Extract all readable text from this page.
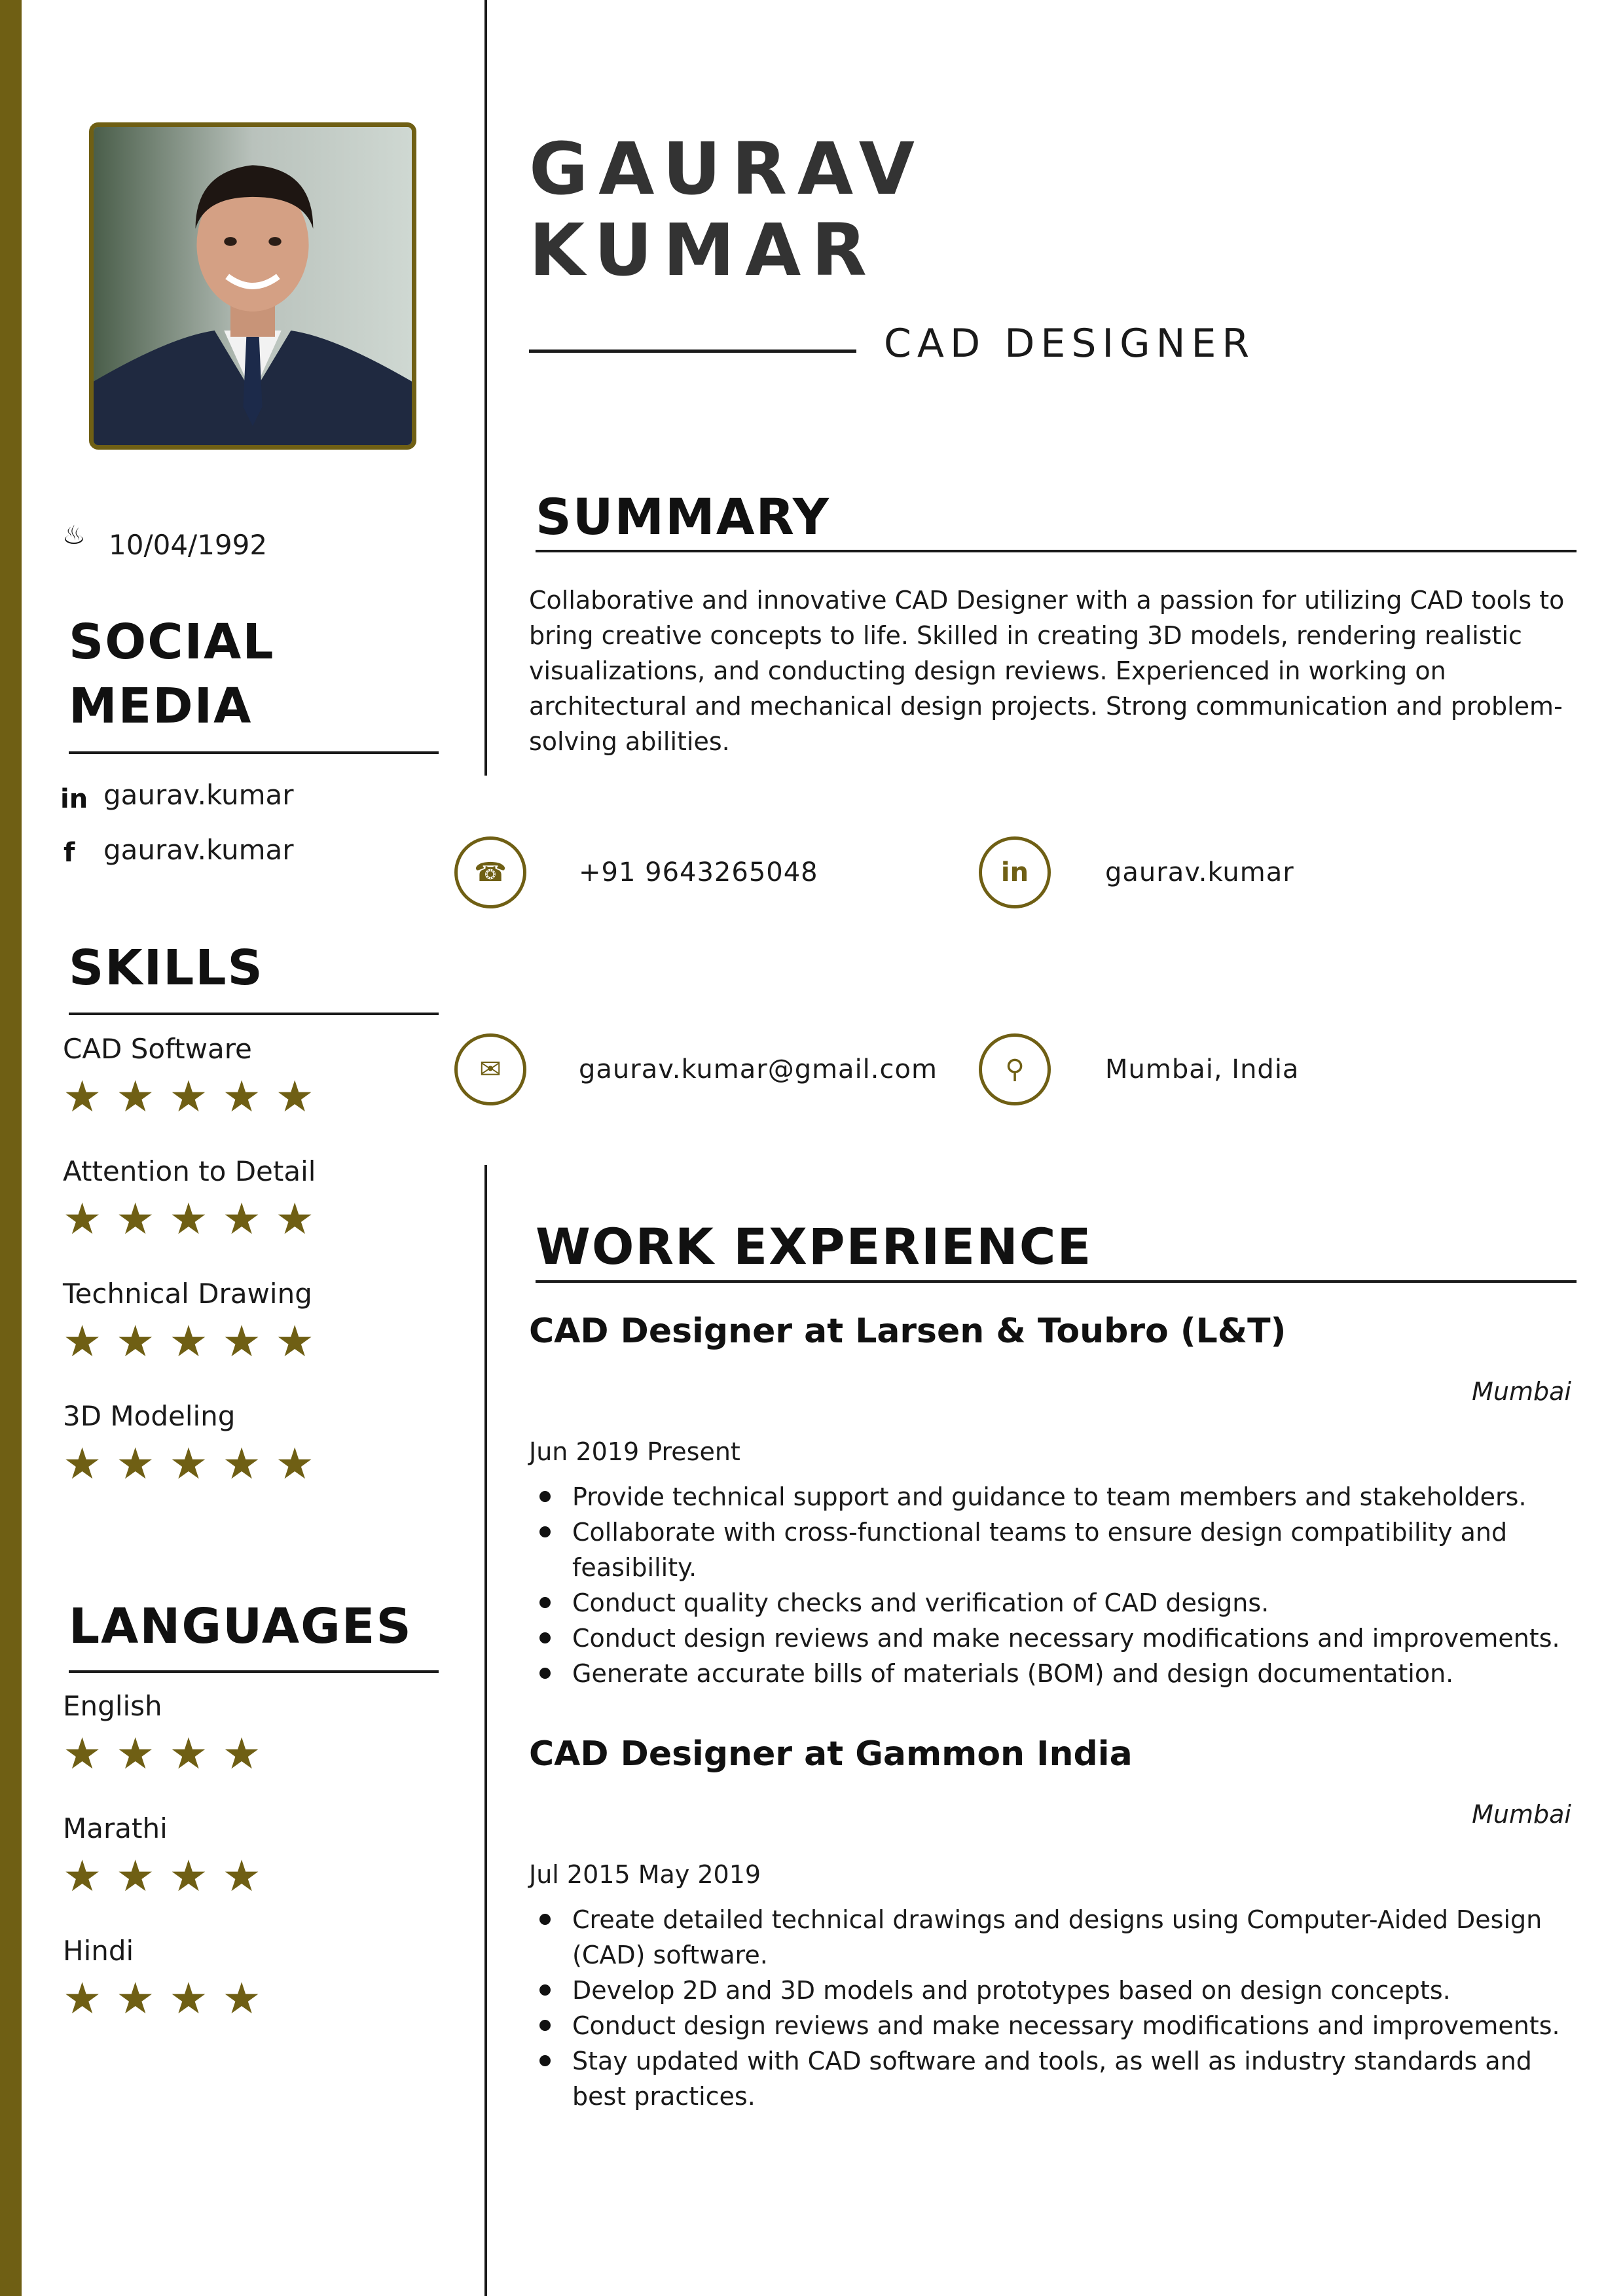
♨ 10/04/1992
SOCIAL
MEDIA
in gaurav.kumar
f gaurav.kumar
SKILLS
CAD Software
★★★★★
Attention to Detail
★★★★★
Technical Drawing
★★★★★
3D Modeling
★★★★★
LANGUAGES
English
★★★★
Marathi
★★★★
Hindi
★★★★
GAURAV
KUMAR
CAD DESIGNER
SUMMARY
Collaborative and innovative CAD Designer with a passion for utilizing CAD tools to bring creative concepts to life. Skilled in creating 3D models, rendering realistic visualizations, and conducting design reviews. Experienced in working on architectural and mechanical design projects. Strong communication and problem-solving abilities.
☎	+91 9643265048	in	gaurav.kumar
✉	gaurav.kumar@gmail.com	⚲	Mumbai, India
WORK EXPERIENCE
CAD Designer at Larsen & Toubro (L&T)
Mumbai
Jun 2019 Present
Provide technical support and guidance to team members and stakeholders.
Collaborate with cross-functional teams to ensure design compatibility and feasibility.
Conduct quality checks and verification of CAD designs.
Conduct design reviews and make necessary modifications and improvements.
Generate accurate bills of materials (BOM) and design documentation.
CAD Designer at Gammon India
Mumbai
Jul 2015 May 2019
Create detailed technical drawings and designs using Computer-Aided Design (CAD) software.
Develop 2D and 3D models and prototypes based on design concepts.
Conduct design reviews and make necessary modifications and improvements.
Stay updated with CAD software and tools, as well as industry standards and best practices.
